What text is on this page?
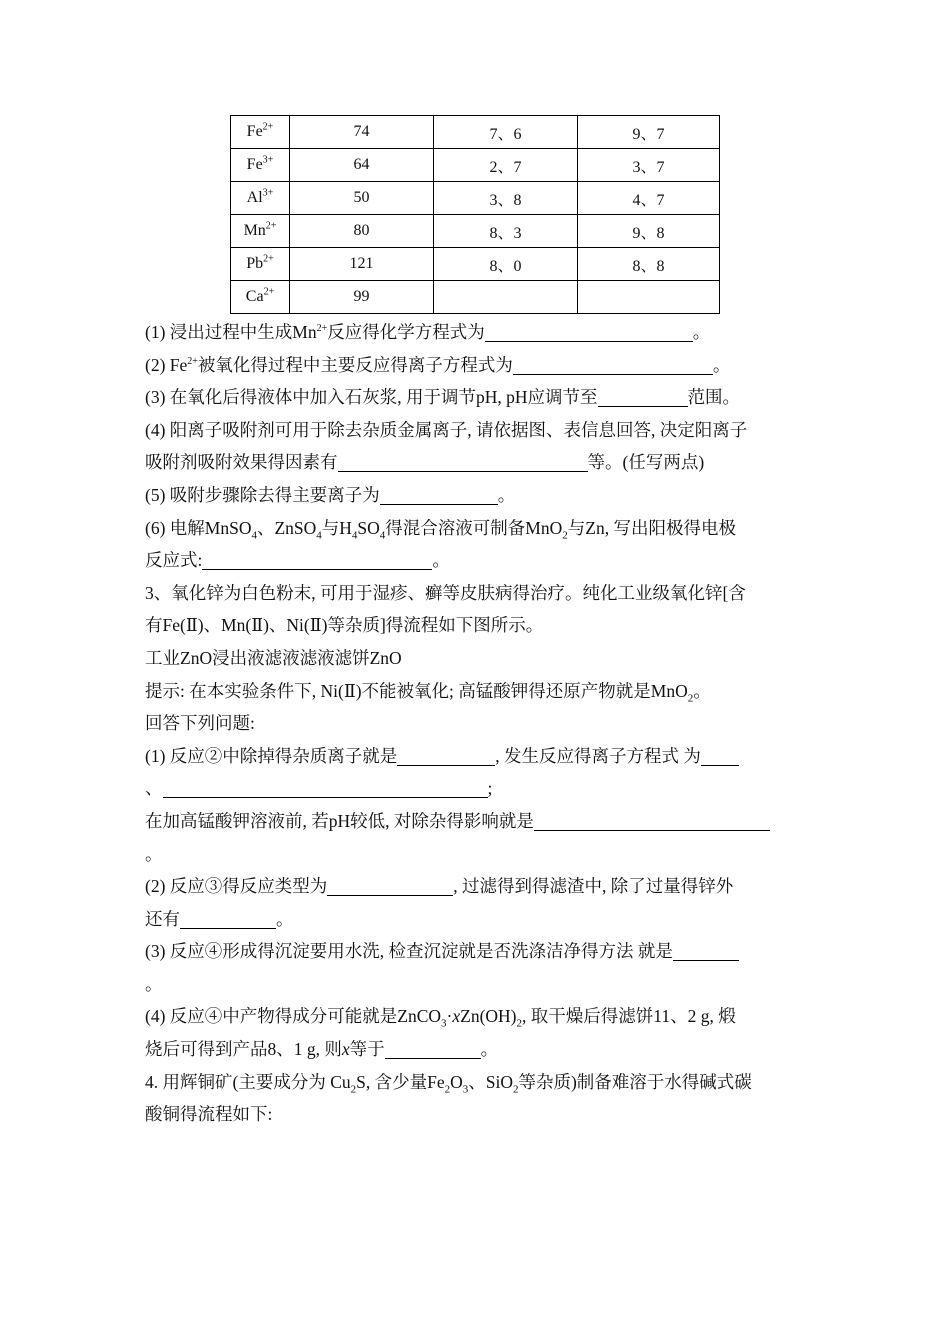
$Fe^{2+}$	74	7、6	9、7
$Fe^{3+}$	64	2、7	3、7
$Al^{3+}$	50	3、8	4、7
$Mn^{2+}$	80	8、3	9、8
$Pb^{2+}$	121	8、0	8、8
$Ca^{2+}$	99		
(1) 浸出过程中生成$Mn^{2+}$反应得化学方程式为	。
(2) $Fe^{2+}$被氧化得过程中主要反应得离子方程式为	。
(3) 在氧化后得液体中加入石灰浆, 用于调节pH, pH应调节至	范围。
(4) 阳离子吸附剂可用于除去杂质金属离子, 请依据图、表信息回答, 决定阳离子
吸附剂吸附效果得因素有	等。(任写两点)
(5) 吸附步骤除去得主要离子为	。
(6) 电解MnSO$_4$、ZnSO$_4$与$H_4SO_4$得混合溶液可制备MnO$_2$与Zn, 写出阳极得电极
反应式:	。
3、氧化锌为白色粉末, 可用于湿疹、癣等皮肤病得治疗。纯化工业级氧化锌[含
有Fe(Ⅱ)、Mn(Ⅱ)、Ni(Ⅱ)等杂质]得流程如下图所示。
工业ZnO浸出液滤液滤液滤饼ZnO
提示: 在本实验条件下, Ni(Ⅱ)不能被氧化; 高锰酸钾得还原产物就是MnO$_2$。
回答下列问题:
(1) 反应②中除掉得杂质离子就是	, 发生反应得离子方程式 为
、	;
在加高锰酸钾溶液前, 若pH较低, 对除杂得影响就是
。
(2) 反应③得反应类型为	, 过滤得到得滤渣中, 除了过量得锌外
还有	。
(3) 反应④形成得沉淀要用水洗, 检查沉淀就是否洗涤洁净得方法 就是
。
(4) 反应④中产物得成分可能就是$ZnCO_3\cdot xZn(OH)_2$, 取干燥后得滤饼11、2 g, 煅
烧后可得到产品8、1 g, 则x等于	。
4. 用辉铜矿(主要成分为 $Cu_2S$, 含少量$Fe_2O_3$、SiO$_2$等杂质)制备难溶于水得碱式碳
酸铜得流程如下:
